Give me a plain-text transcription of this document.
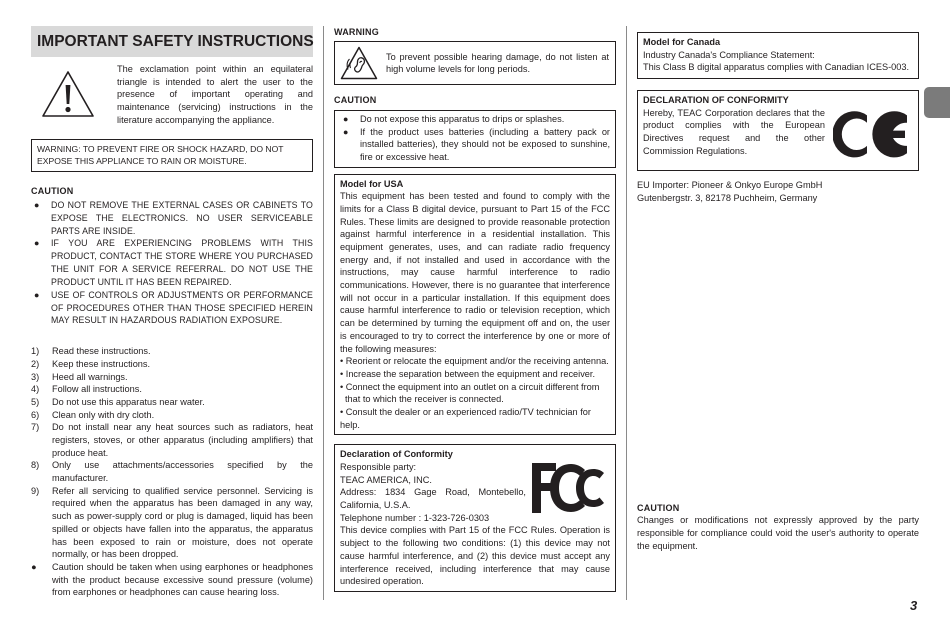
IMPORTANT SAFETY INSTRUCTIONS

The exclamation point within an equilateral triangle is intended to alert the user to the presence of important operating and maintenance (servicing) instructions in the literature accompanying the appliance.

WARNING: TO PREVENT FIRE OR SHOCK HAZARD, DO NOT EXPOSE THIS APPLIANCE TO RAIN OR MOISTURE.
CAUTION
● DO NOT REMOVE THE EXTERNAL CASES OR CABINETS TO EXPOSE THE ELECTRONICS. NO USER SERVICEABLE PARTS ARE INSIDE.
● IF YOU ARE EXPERIENCING PROBLEMS WITH THIS PRODUCT, CONTACT THE STORE WHERE YOU PURCHASED THE UNIT FOR A SERVICE REFERRAL. DO NOT USE THE PRODUCT UNTIL IT HAS BEEN REPAIRED.
● USE OF CONTROLS OR ADJUSTMENTS OR PERFORMANCE OF PROCEDURES OTHER THAN THOSE SPECIFIED HEREIN MAY RESULT IN HAZARDOUS RADIATION EXPOSURE.
1) Read these instructions.
2) Keep these instructions.
3) Heed all warnings.
4) Follow all instructions.
5) Do not use this apparatus near water.
6) Clean only with dry cloth.
7) Do not install near any heat sources such as radiators, heat registers, stoves, or other apparatus (including amplifiers) that produce heat.
8) Only use attachments/accessories specified by the manufacturer.
9) Refer all servicing to qualified service personnel. Servicing is required when the apparatus has been damaged in any way, such as power-supply cord or plug is damaged, liquid has been spilled or objects have fallen into the apparatus, the apparatus has been exposed to rain or moisture, does not operate normally, or has been dropped.
● Caution should be taken when using earphones or headphones with the product because excessive sound pressure (volume) from earphones or headphones can cause hearing loss.
WARNING

To prevent possible hearing damage, do not listen at high volume levels for long periods.

CAUTION
● Do not expose this apparatus to drips or splashes.
● If the product uses batteries (including a battery pack or installed batteries), they should not be exposed to sunshine, fire or excessive heat.
Model for USA

This equipment has been tested and found to comply with the limits for a Class B digital device, pursuant to Part 15 of the FCC Rules. These limits are designed to provide reasonable protection against harmful interference in a residential installation. This equipment generates, uses, and can radiate radio frequency energy and, if not installed and used in accordance with the instructions, may cause harmful interference to radio communications. However, there is no guarantee that interference will not occur in a particular installation. If this equipment does cause harmful interference to radio or television reception, which can be determined by turning the equipment off and on, the user is encouraged to try to correct the interference by one or more of the following measures:

• Reorient or relocate the equipment and/or the receiving antenna.
• Increase the separation between the equipment and receiver.
• Connect the equipment into an outlet on a circuit different from that to which the receiver is connected.
• Consult the dealer or an experienced radio/TV technician for help.
Declaration of Conformity
Responsible party:
TEAC AMERICA, INC.
Address: 1834 Gage Road, Montebello, California, U.S.A.
Telephone number : 1-323-726-0303

This device complies with Part 15 of the FCC Rules. Operation is subject to the following two conditions: (1) this device may not cause harmful interference, and (2) this device must accept any interference received, including interference that may cause undesired operation.

Model for Canada
Industry Canada's Compliance Statement:
This Class B digital apparatus complies with Canadian ICES-003.
DECLARATION OF CONFORMITY

Hereby, TEAC Corporation declares that the product complies with the European Directives request and the other Commission Regulations.

EU Importer: Pioneer & Onkyo Europe GmbH
Gutenbergstr. 3, 82178 Puchheim, Germany
CAUTION

Changes or modifications not expressly approved by the party responsible for compliance could void the user's authority to operate the equipment.

3
